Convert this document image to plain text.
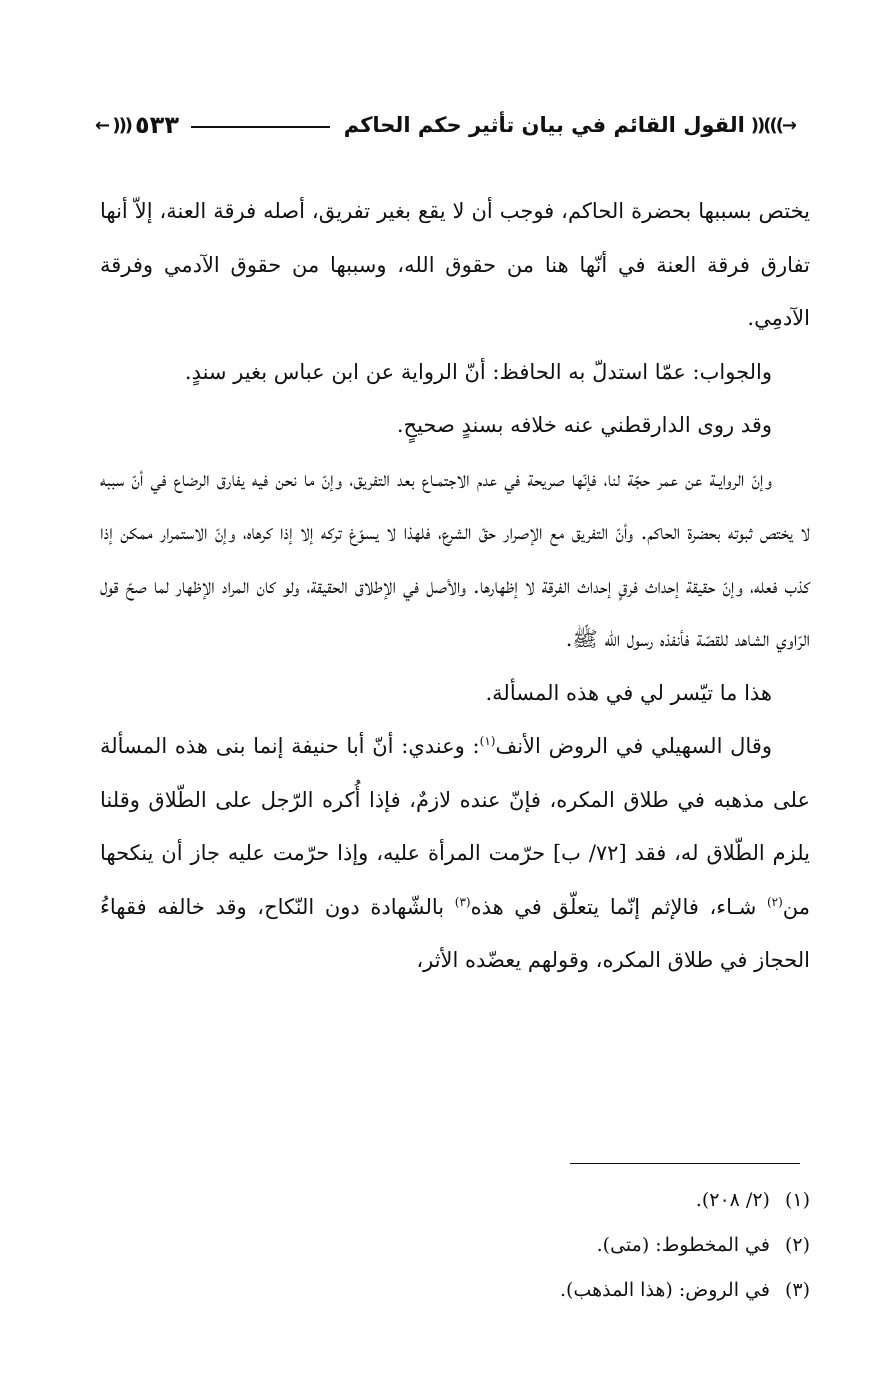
→)))((
القول القائم في بيان تأثير حكم الحاكم
٥٣٣
((( ←

يختص بسببها بحضرة الحاكم، فوجب أن لا يقع بغير تفريق، أصله فرقة العنة، إلاّ أنها تفارق فرقة العنة في أنّها هنا من حقوق الله، وسببها من حقوق الآدمي وفرقة الآدمِي.

والجواب: عمّا استدلّ به الحافظ: أنّ الرواية عن ابن عباس بغير سندٍ.

وقد روى الدارقطني عنه خلافه بسندٍ صحيحٍ.

وإنّ الروايـة عن عمر حجّة لنا، فإنّها صريحة في عدم الاجتمـاع بعد التفريق، وإنّ ما نحن فيه يفارق الرضاع في أنّ سببه لا يختص ثبوته بحضرة الحاكم. وأنّ التفريق مع الإصرار حقّ الشرع، فلهذا لا يسوّغ تركه إلا إذا كرهاه، وإنّ الاستمرار ممكن إذا كذب فعله، وإنّ حقيقة إحداث فرقٍ إحداث الفرقة لا إظهارها. والأصل في الإطلاق الحقيقة، ولو كان المراد الإظهار لما صحّ قول الرّاوي الشاهد للقصّة فأنفذه رسول الله ﷺ.

هذا ما تيّسر لي في هذه المسألة.

وقال السهيلي في الروض الأنف$^{(١)}$: وعندي: أنّ أبا حنيفة إنما بنى هذه المسألة على مذهبه في طلاق المكره، فإنّ عنده لازمٌ، فإذا أُكره الرّجل على الطّلاق وقلنا يلزم الطّلاق له، فقد [٧٢/ ب] حرّمت المرأة عليه، وإذا حرّمت عليه جاز أن ينكحها من$^{(٢)}$ شـاء، فالإثم إنّما يتعلّق في هذه$^{(٣)}$ بالشّهادة دون النّكاح، وقد خالفه فقهاءُ الحجاز في طلاق المكره، وقولهم يعضّده الأثر،

(١) (٢/ ٢٠٨).
(٢) في المخطوط: (متى).
(٣) في الروض: (هذا المذهب).
